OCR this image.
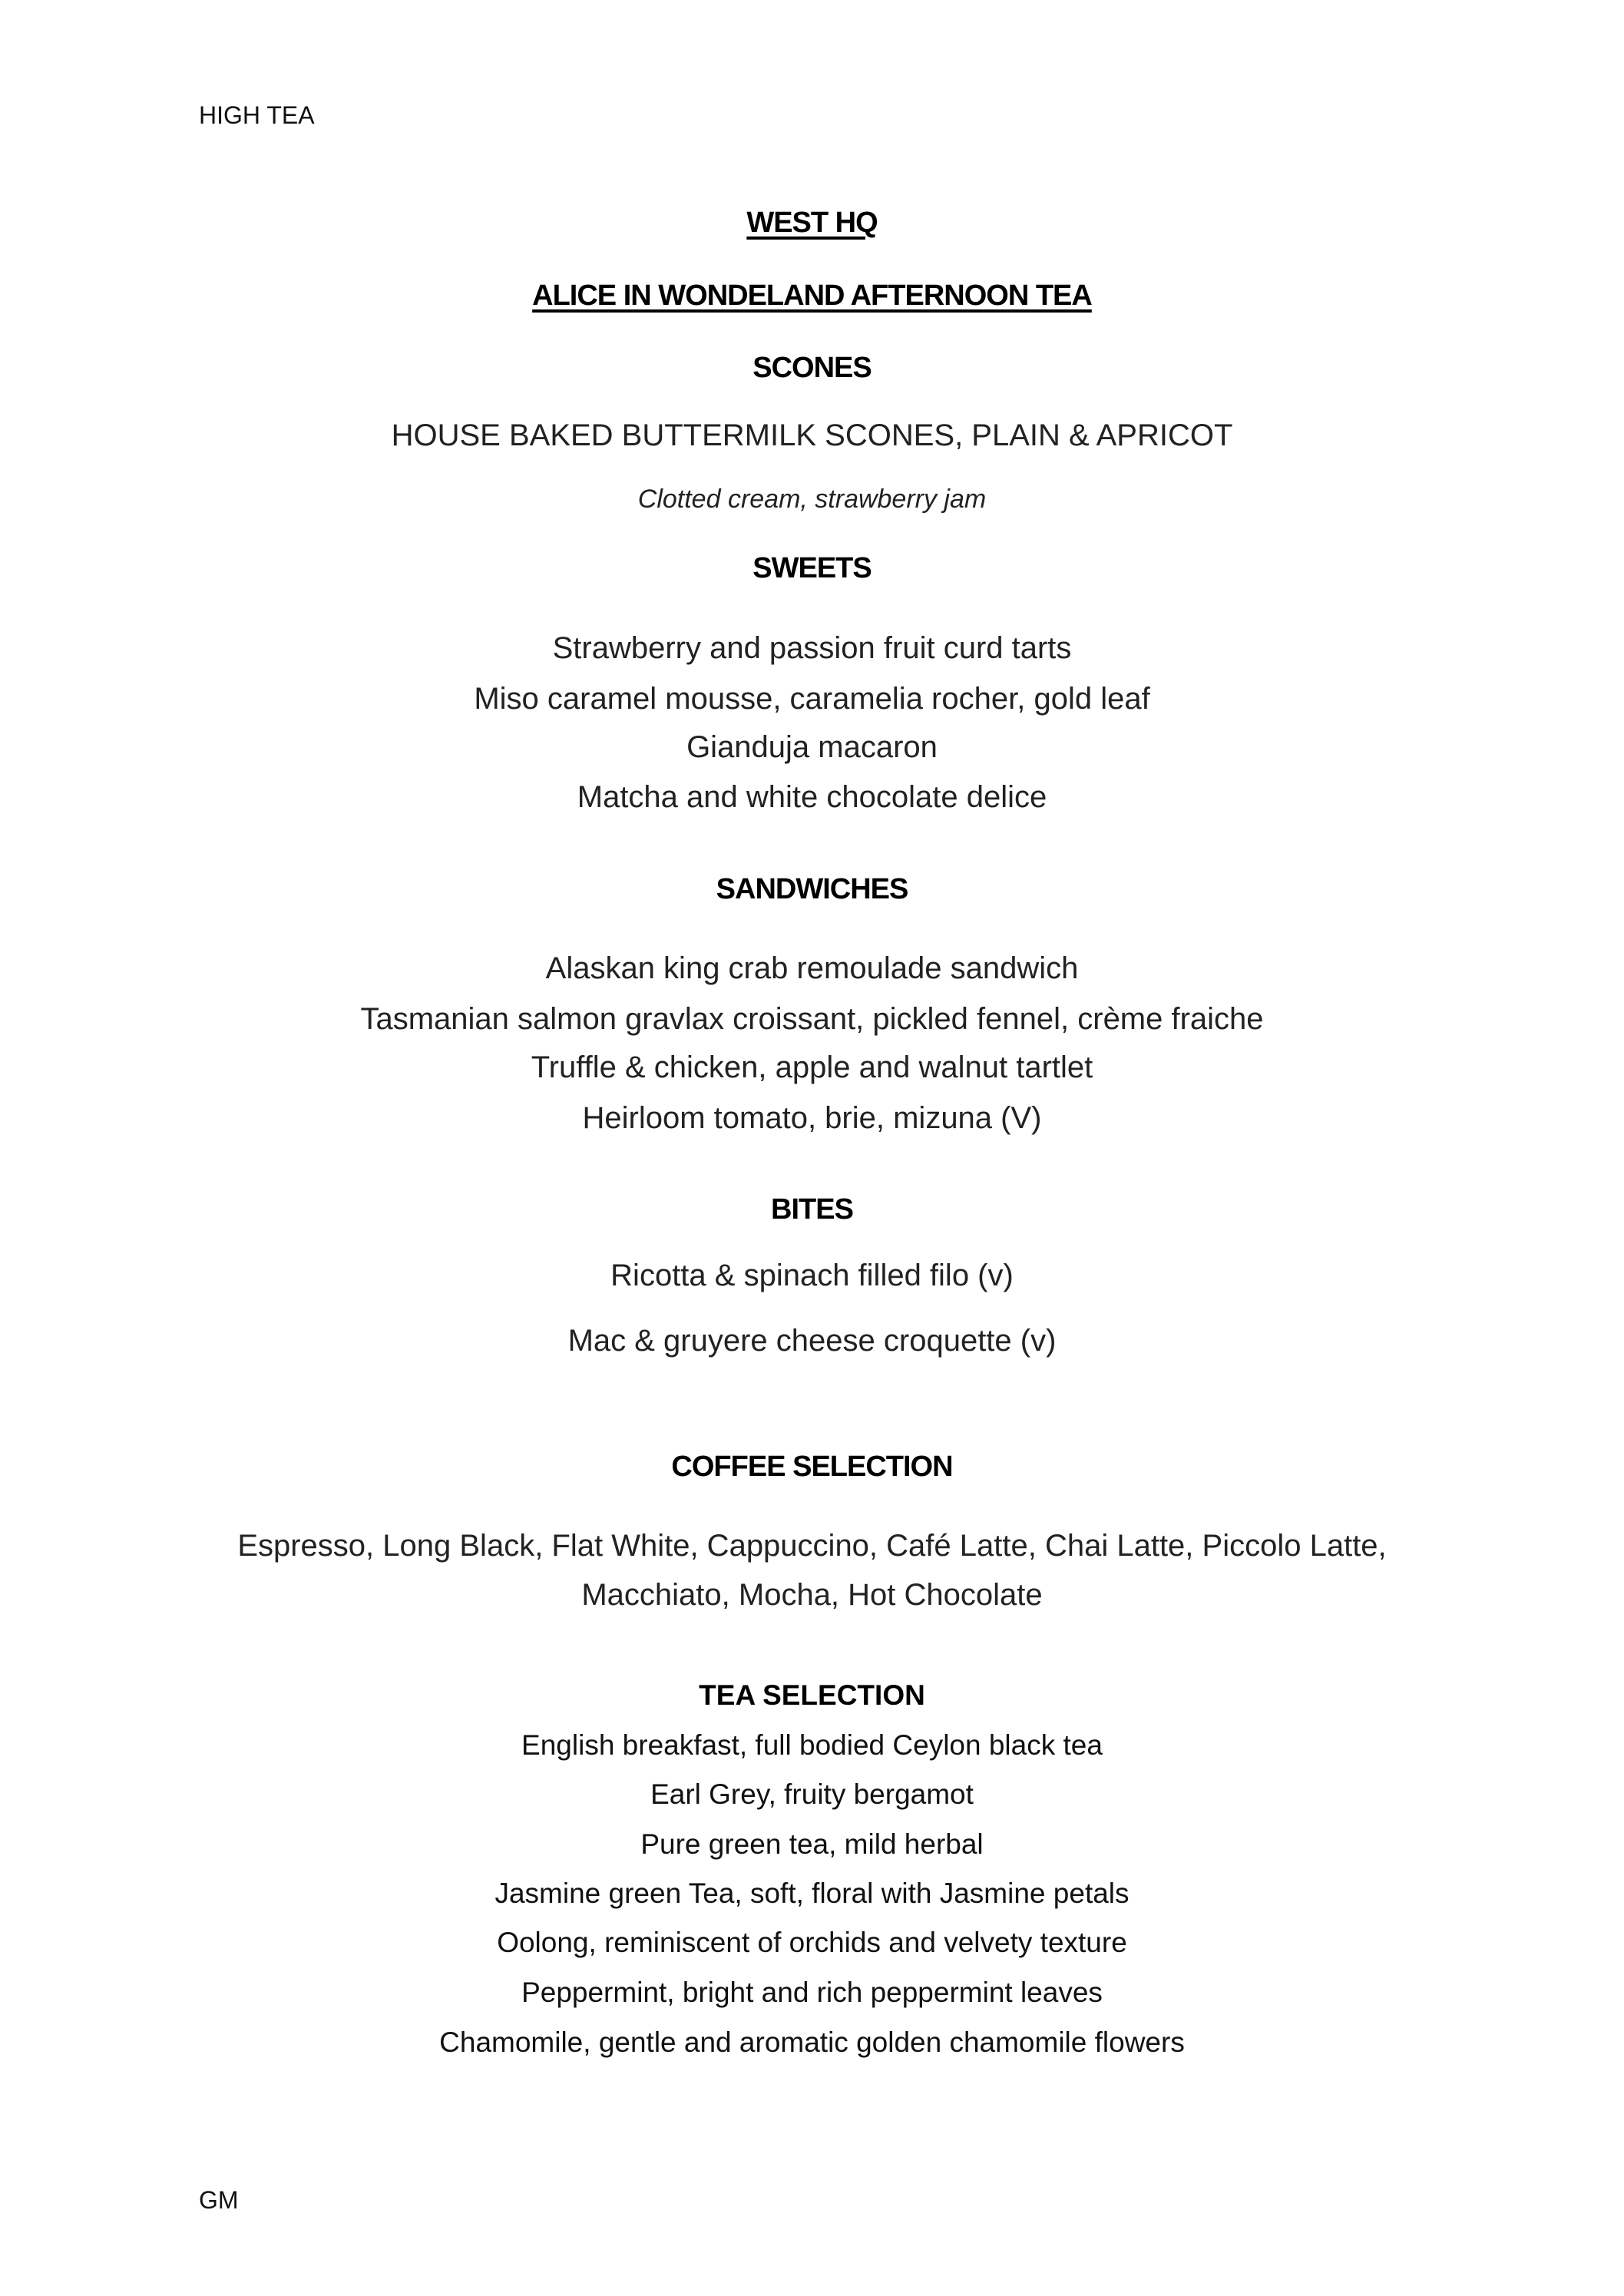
HIGH TEA
WEST HQ
ALICE IN WONDELAND AFTERNOON TEA
SCONES
HOUSE BAKED BUTTERMILK SCONES, PLAIN & APRICOT
Clotted cream, strawberry jam
SWEETS
Strawberry and passion fruit curd tarts
Miso caramel mousse, caramelia rocher, gold leaf
Gianduja macaron
Matcha and white chocolate delice
SANDWICHES
Alaskan king crab remoulade sandwich
Tasmanian salmon gravlax croissant, pickled fennel, crème fraiche
Truffle & chicken, apple and walnut tartlet
Heirloom tomato, brie, mizuna (V)
BITES
Ricotta & spinach filled filo (v)
Mac & gruyere cheese croquette (v)
COFFEE SELECTION
Espresso, Long Black, Flat White, Cappuccino, Café Latte, Chai Latte, Piccolo Latte,
Macchiato, Mocha, Hot Chocolate
TEA SELECTION
English breakfast, full bodied Ceylon black tea
Earl Grey, fruity bergamot
Pure green tea, mild herbal
Jasmine green Tea, soft, floral with Jasmine petals
Oolong, reminiscent of orchids and velvety texture
Peppermint, bright and rich peppermint leaves
Chamomile, gentle and aromatic golden chamomile flowers
GM
